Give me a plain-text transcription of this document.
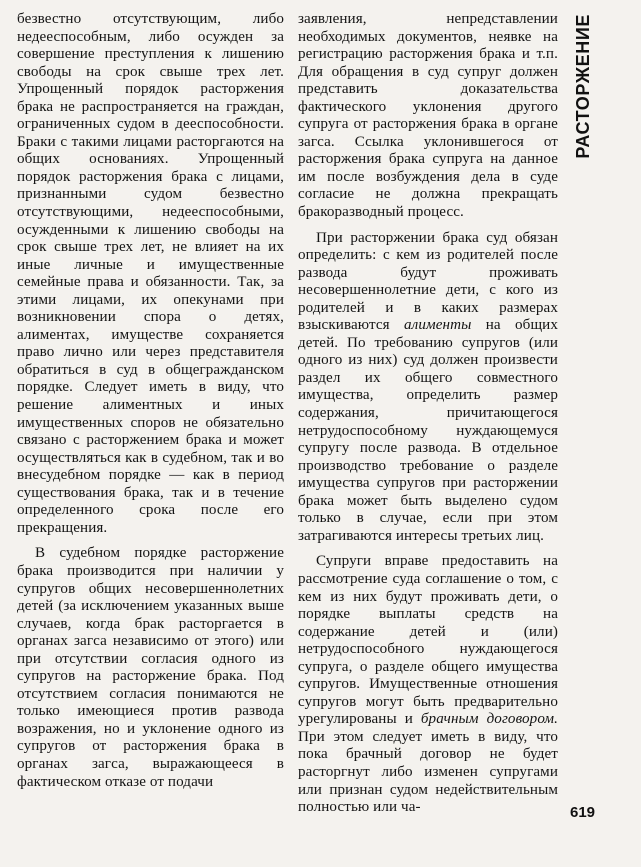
безвестно отсутствующим, либо недееспособным, либо осужден за совершение преступления к лишению свободы на срок свыше трех лет. Упрощенный порядок расторжения брака не распространяется на граждан, ограниченных судом в дееспособности. Браки с такими лицами расторгаются на общих основаниях. Упрощенный порядок расторжения брака с лицами, признанными судом безвестно отсутствующими, недееспособными, осужденными к лишению свободы на срок свыше трех лет, не влияет на их иные личные и имущественные семейные права и обязанности. Так, за этими лицами, их опекунами при возникновении спора о детях, алиментах, имуществе сохраняется право лично или через представителя обратиться в суд в общегражданском порядке. Следует иметь в виду, что решение алиментных и иных имущественных споров не обязательно связано с расторжением брака и может осуществляться как в судебном, так и во внесудебном порядке — как в период существования брака, так и в течение определенного срока после его прекращения.

В судебном порядке расторжение брака производится при наличии у супругов общих несовершеннолетних детей (за исключением указанных выше случаев, когда брак расторгается в органах загса независимо от этого) или при отсутствии согласия одного из супругов на расторжение брака. Под отсутствием согласия понимаются не только имеющиеся против развода возражения, но и уклонение одного из супругов от расторжения брака в органах загса, выражающееся в фактическом отказе от подачи

заявления, непредставлении необходимых документов, неявке на регистрацию расторжения брака и т.п. Для обращения в суд супруг должен представить доказательства фактического уклонения другого супруга от расторжения брака в органе загса. Ссылка уклонившегося от расторжения брака супруга на данное им после возбуждения дела в суде согласие не должна прекращать бракоразводный процесс.

При расторжении брака суд обязан определить: с кем из родителей после развода будут проживать несовершеннолетние дети, с кого из родителей и в каких размерах взыскиваются алименты на общих детей. По требованию супругов (или одного из них) суд должен произвести раздел их общего совместного имущества, определить размер содержания, причитающегося нетрудоспособному нуждающемуся супругу после развода. В отдельное производство требование о разделе имущества супругов при расторжении брака может быть выделено судом только в случае, если при этом затрагиваются интересы третьих лиц.

Супруги вправе предоставить на рассмотрение суда соглашение о том, с кем из них будут проживать дети, о порядке выплаты средств на содержание детей и (или) нетрудоспособного нуждающегося супруга, о разделе общего имущества супругов. Имущественные отношения супругов могут быть предварительно урегулированы и брачным договором. При этом следует иметь в виду, что пока брачный договор не будет расторгнут либо изменен супругами или признан судом недействительным полностью или ча-

РАСТОРЖЕНИЕ
619
